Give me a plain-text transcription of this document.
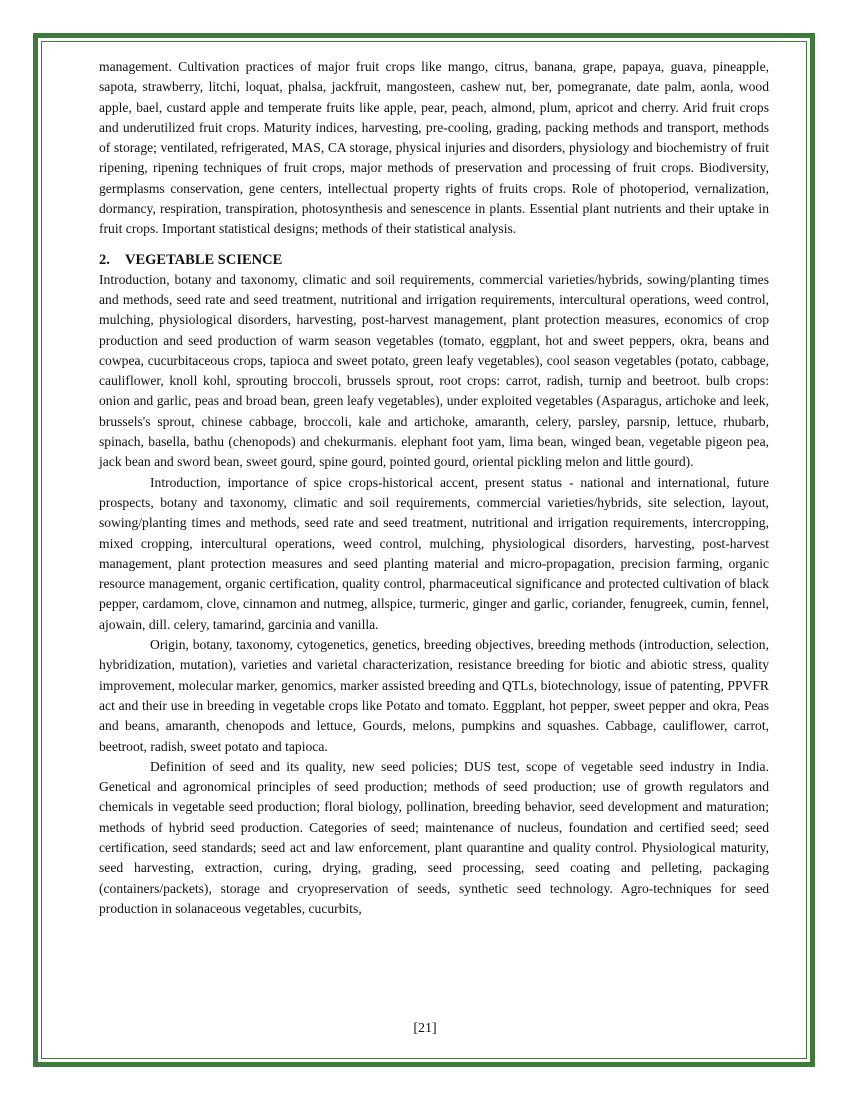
management. Cultivation practices of major fruit crops like mango, citrus, banana, grape, papaya, guava, pineapple, sapota, strawberry, litchi, loquat, phalsa, jackfruit, mangosteen, cashew nut, ber, pomegranate, date palm, aonla, wood apple, bael, custard apple and temperate fruits like apple, pear, peach, almond, plum, apricot and cherry. Arid fruit crops and underutilized fruit crops. Maturity indices, harvesting, pre-cooling, grading, packing methods and transport, methods of storage; ventilated, refrigerated, MAS, CA storage, physical injuries and disorders, physiology and biochemistry of fruit ripening, ripening techniques of fruit crops, major methods of preservation and processing of fruit crops. Biodiversity, germplasms conservation, gene centers, intellectual property rights of fruits crops. Role of photoperiod, vernalization, dormancy, respiration, transpiration, photosynthesis and senescence in plants. Essential plant nutrients and their uptake in fruit crops. Important statistical designs; methods of their statistical analysis.

2. VEGETABLE SCIENCE

Introduction, botany and taxonomy, climatic and soil requirements, commercial varieties/hybrids, sowing/planting times and methods, seed rate and seed treatment, nutritional and irrigation requirements, intercultural operations, weed control, mulching, physiological disorders, harvesting, post-harvest management, plant protection measures, economics of crop production and seed production of warm season vegetables (tomato, eggplant, hot and sweet peppers, okra, beans and cowpea, cucurbitaceous crops, tapioca and sweet potato, green leafy vegetables), cool season vegetables (potato, cabbage, cauliflower, knoll kohl, sprouting broccoli, brussels sprout, root crops: carrot, radish, turnip and beetroot. bulb crops: onion and garlic, peas and broad bean, green leafy vegetables), under exploited vegetables (Asparagus, artichoke and leek, brussels's sprout, chinese cabbage, broccoli, kale and artichoke, amaranth, celery, parsley, parsnip, lettuce, rhubarb, spinach, basella, bathu (chenopods) and chekurmanis. elephant foot yam, lima bean, winged bean, vegetable pigeon pea, jack bean and sword bean, sweet gourd, spine gourd, pointed gourd, oriental pickling melon and little gourd).

Introduction, importance of spice crops-historical accent, present status - national and international, future prospects, botany and taxonomy, climatic and soil requirements, commercial varieties/hybrids, site selection, layout, sowing/planting times and methods, seed rate and seed treatment, nutritional and irrigation requirements, intercropping, mixed cropping, intercultural operations, weed control, mulching, physiological disorders, harvesting, post-harvest management, plant protection measures and seed planting material and micro-propagation, precision farming, organic resource management, organic certification, quality control, pharmaceutical significance and protected cultivation of black pepper, cardamom, clove, cinnamon and nutmeg, allspice, turmeric, ginger and garlic, coriander, fenugreek, cumin, fennel, ajowain, dill. celery, tamarind, garcinia and vanilla.

Origin, botany, taxonomy, cytogenetics, genetics, breeding objectives, breeding methods (introduction, selection, hybridization, mutation), varieties and varietal characterization, resistance breeding for biotic and abiotic stress, quality improvement, molecular marker, genomics, marker assisted breeding and QTLs, biotechnology, issue of patenting, PPVFR act and their use in breeding in vegetable crops like Potato and tomato. Eggplant, hot pepper, sweet pepper and okra, Peas and beans, amaranth, chenopods and lettuce, Gourds, melons, pumpkins and squashes. Cabbage, cauliflower, carrot, beetroot, radish, sweet potato and tapioca.

Definition of seed and its quality, new seed policies; DUS test, scope of vegetable seed industry in India. Genetical and agronomical principles of seed production; methods of seed production; use of growth regulators and chemicals in vegetable seed production; floral biology, pollination, breeding behavior, seed development and maturation; methods of hybrid seed production. Categories of seed; maintenance of nucleus, foundation and certified seed; seed certification, seed standards; seed act and law enforcement, plant quarantine and quality control. Physiological maturity, seed harvesting, extraction, curing, drying, grading, seed processing, seed coating and pelleting, packaging (containers/packets), storage and cryopreservation of seeds, synthetic seed technology. Agro-techniques for seed production in solanaceous vegetables, cucurbits,

[21]
